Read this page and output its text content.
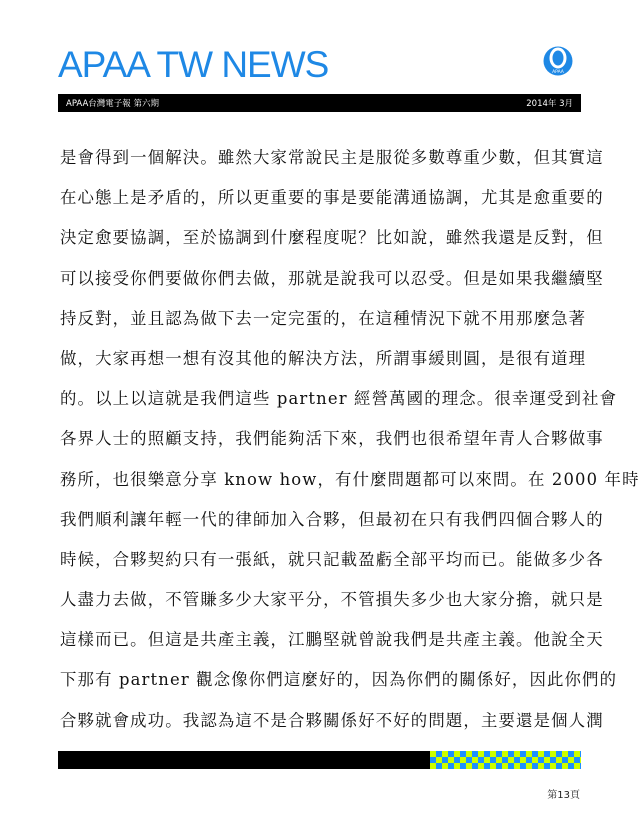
APAA TW NEWS	APAA
APAA台灣電子報 第六期	2014年 3月
是會得到一個解決。雖然大家常說民主是服從多數尊重少數，但其實這
在心態上是矛盾的，所以更重要的事是要能溝通協調，尤其是愈重要的
決定愈要協調，至於協調到什麼程度呢？比如說，雖然我還是反對，但
可以接受你們要做你們去做，那就是說我可以忍受。但是如果我繼續堅
持反對，並且認為做下去一定完蛋的，在這種情況下就不用那麼急著
做，大家再想一想有沒其他的解決方法，所謂事緩則圓，是很有道理
的。以上以這就是我們這些 partner 經營萬國的理念。很幸運受到社會
各界人士的照顧支持，我們能夠活下來，我們也很希望年青人合夥做事
務所，也很樂意分享 know how，有什麼問題都可以來問。在 2000 年時
我們順利讓年輕一代的律師加入合夥，但最初在只有我們四個合夥人的
時候，合夥契約只有一張紙，就只記載盈虧全部平均而已。能做多少各
人盡力去做，不管賺多少大家平分，不管損失多少也大家分擔，就只是
這樣而已。但這是共產主義，江鵬堅就曾說我們是共產主義。他說全天
下那有 partner 觀念像你們這麼好的，因為你們的關係好，因此你們的
合夥就會成功。我認為這不是合夥關係好不好的問題，主要還是個人潤
第13頁
